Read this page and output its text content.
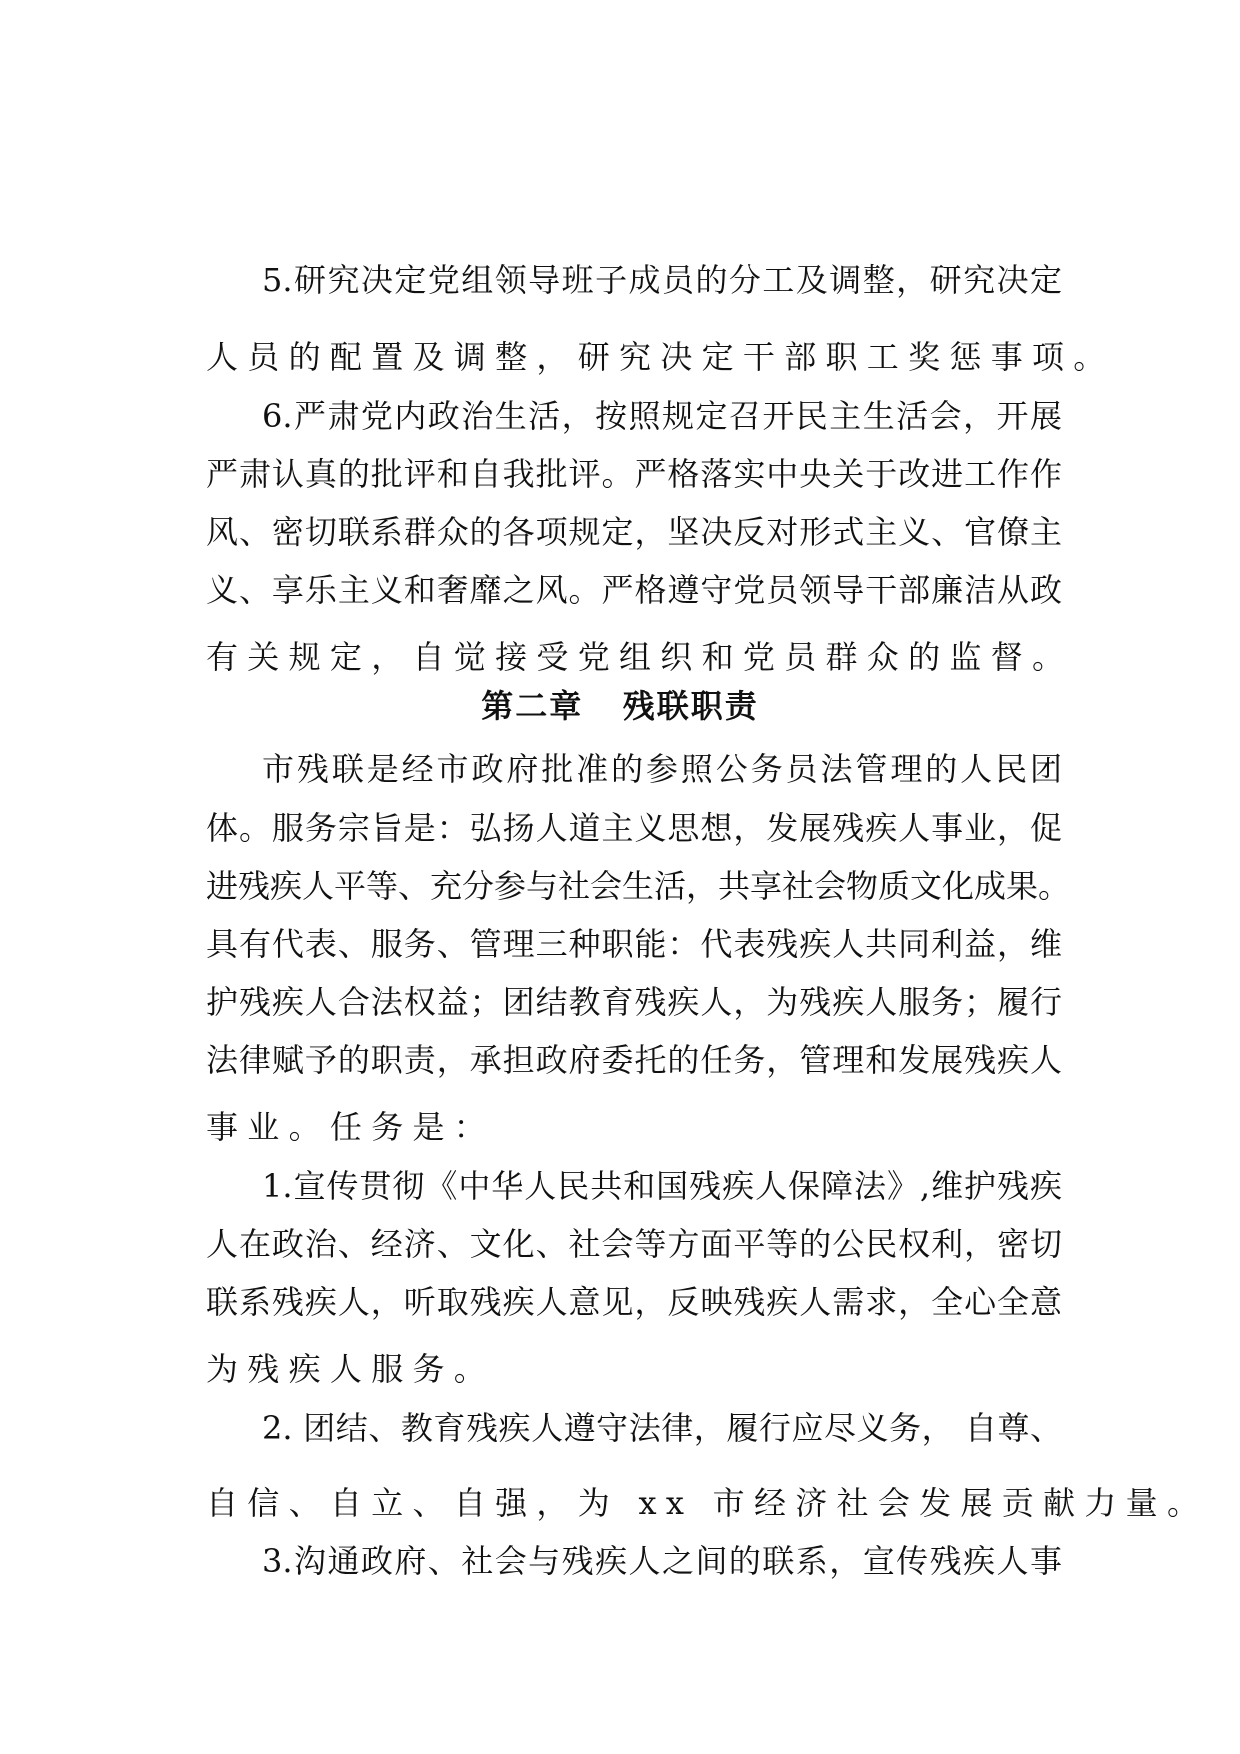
5.研究决定党组领导班子成员的分工及调整，研究决定
人员的配置及调整，研究决定干部职工奖惩事项。
6.严肃党内政治生活，按照规定召开民主生活会，开展
严肃认真的批评和自我批评。严格落实中央关于改进工作作
风、密切联系群众的各项规定，坚决反对形式主义、官僚主
义、享乐主义和奢靡之风。严格遵守党员领导干部廉洁从政
有关规定，自觉接受党组织和党员群众的监督。
第二章   残联职责
市残联是经市政府批准的参照公务员法管理的人民团
体。服务宗旨是：弘扬人道主义思想，发展残疾人事业，促
进残疾人平等、充分参与社会生活，共享社会物质文化成果。
具有代表、服务、管理三种职能：代表残疾人共同利益，维
护残疾人合法权益；团结教育残疾人，为残疾人服务；履行
法律赋予的职责，承担政府委托的任务，管理和发展残疾人
事业。任务是：
1.宣传贯彻《中华人民共和国残疾人保障法》,维护残疾
人在政治、经济、文化、社会等方面平等的公民权利，密切
联系残疾人，听取残疾人意见，反映残疾人需求，全心全意
为残疾人服务。
2. 团结、教育残疾人遵守法律，履行应尽义务， 自尊、
自信、自立、自强，为 xx 市经济社会发展贡献力量。
3.沟通政府、社会与残疾人之间的联系，宣传残疾人事
